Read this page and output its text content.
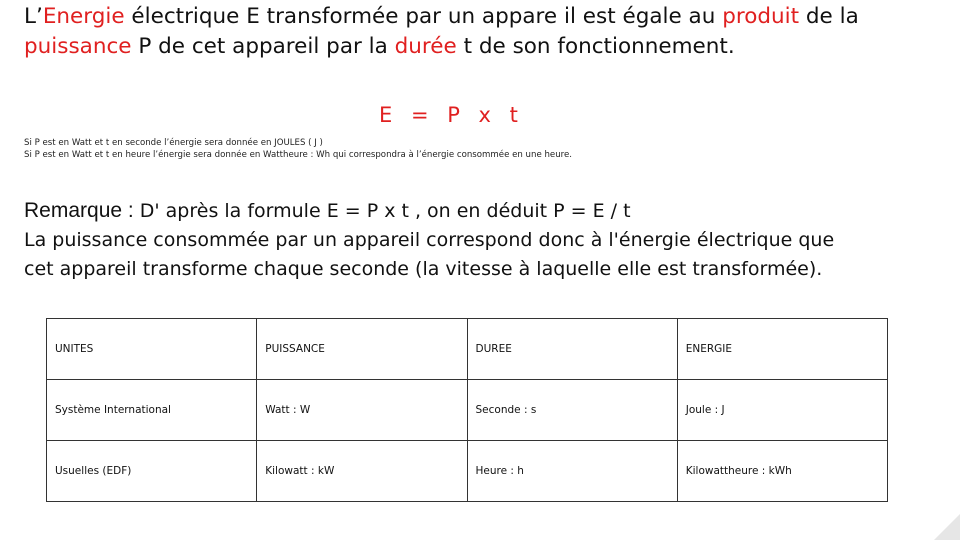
L’Energie électrique E transformée par un appare il est égale au produit de la
puissance P de cet appareil par la durée t de son fonctionnement.

E = P x t
Si P est en Watt et t en seconde l’énergie sera donnée en JOULES ( J )
Si P est en Watt et t en heure l’énergie sera donnée en Wattheure : Wh qui correspondra à l’énergie consommée en une heure.
Remarque : D' après la formule E = P x t , on en déduit P = E / t
La puissance consommée par un appareil correspond donc à l'énergie électrique que
cet appareil transforme chaque seconde (la vitesse à laquelle elle est transformée).
UNITES	PUISSANCE	DUREE	ENERGIE
Système International	Watt : W	Seconde : s	Joule : J
Usuelles (EDF)	Kilowatt : kW	Heure : h	Kilowattheure : kWh
